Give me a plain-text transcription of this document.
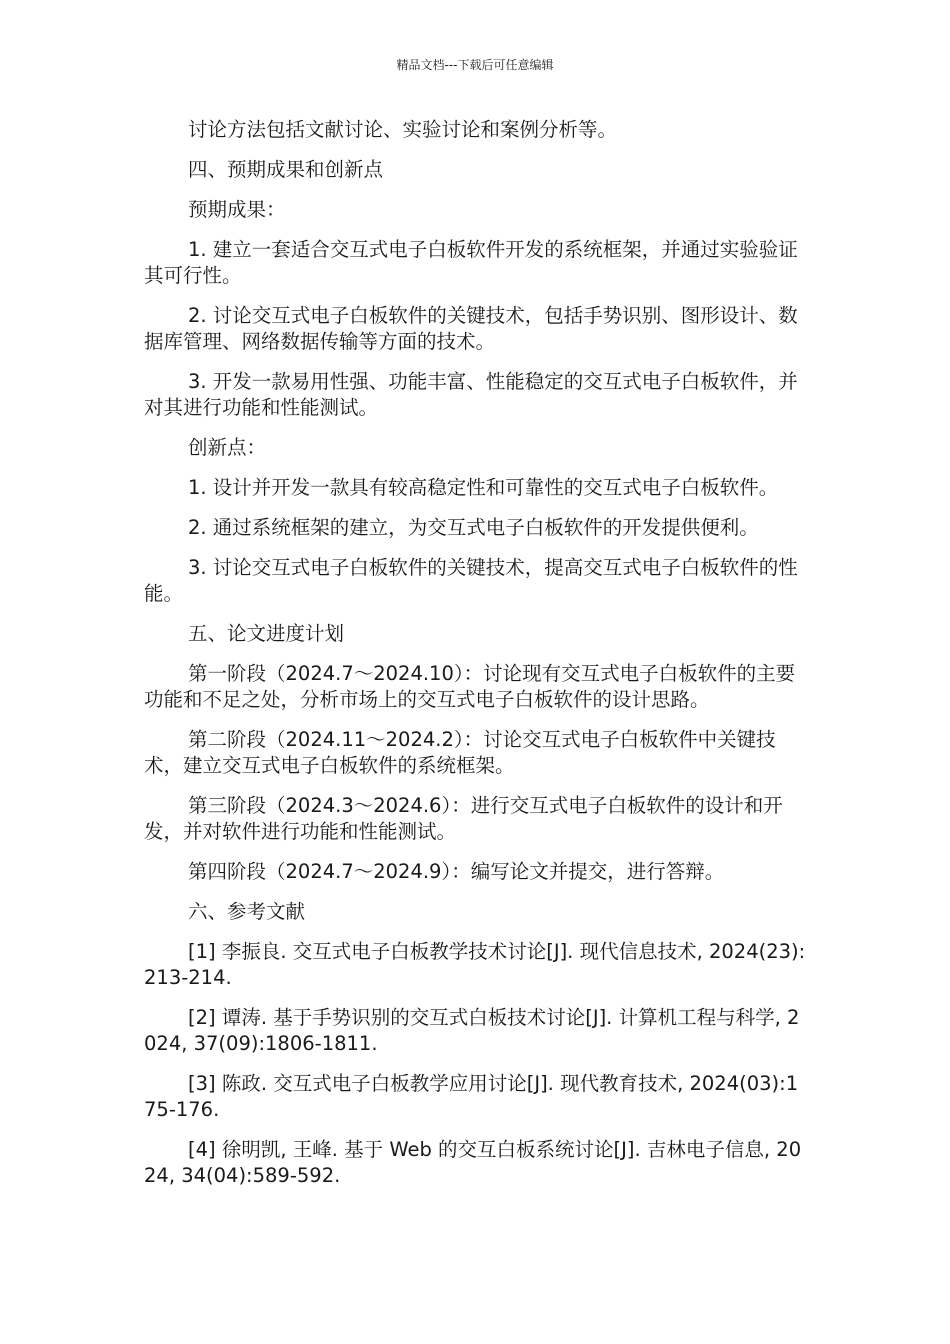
精品文档---下载后可任意编辑

讨论方法包括文献讨论、实验讨论和案例分析等。

四、预期成果和创新点

预期成果：

1. 建立一套适合交互式电子白板软件开发的系统框架，并通过实验验证其可行性。

2. 讨论交互式电子白板软件的关键技术，包括手势识别、图形设计、数据库管理、网络数据传输等方面的技术。

3. 开发一款易用性强、功能丰富、性能稳定的交互式电子白板软件，并对其进行功能和性能测试。

创新点：

1. 设计并开发一款具有较高稳定性和可靠性的交互式电子白板软件。

2. 通过系统框架的建立，为交互式电子白板软件的开发提供便利。

3. 讨论交互式电子白板软件的关键技术，提高交互式电子白板软件的性能。

五、论文进度计划

第一阶段（2024.7～2024.10）：讨论现有交互式电子白板软件的主要功能和不足之处，分析市场上的交互式电子白板软件的设计思路。

第二阶段（2024.11～2024.2）：讨论交互式电子白板软件中关键技术，建立交互式电子白板软件的系统框架。

第三阶段（2024.3～2024.6）：进行交互式电子白板软件的设计和开发，并对软件进行功能和性能测试。

第四阶段（2024.7～2024.9）：编写论文并提交，进行答辩。

六、参考文献

[1] 李振良. 交互式电子白板教学技术讨论[J]. 现代信息技术, 2024(23):213-214.

[2] 谭涛. 基于手势识别的交互式白板技术讨论[J]. 计算机工程与科学, 2024, 37(09):1806-1811.

[3] 陈政. 交互式电子白板教学应用讨论[J]. 现代教育技术, 2024(03):175-176.

[4] 徐明凯, 王峰. 基于 Web 的交互白板系统讨论[J]. 吉林电子信息, 2024, 34(04):589-592.
